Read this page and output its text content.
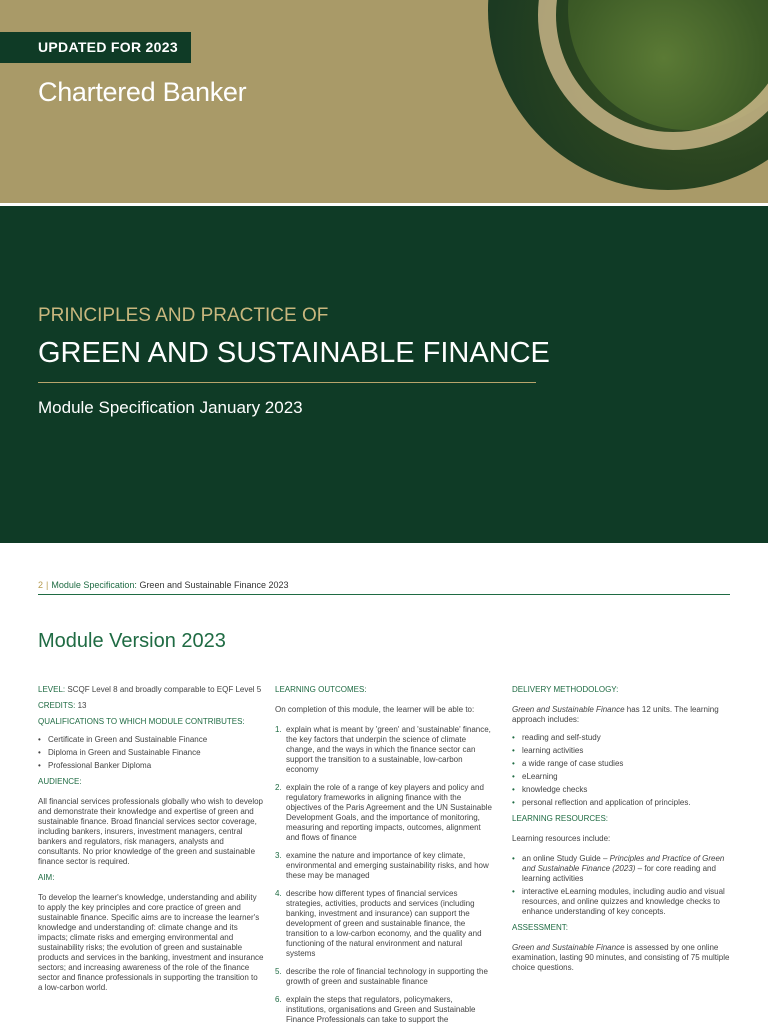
UPDATED FOR 2023
Chartered Banker
PRINCIPLES AND PRACTICE OF
GREEN AND SUSTAINABLE FINANCE
Module Specification January 2023
2 | Module Specification: Green and Sustainable Finance 2023
Module Version 2023

LEVEL: SCQF Level 8 and broadly comparable to EQF Level 5

CREDITS: 13

QUALIFICATIONS TO WHICH MODULE CONTRIBUTES:

• Certificate in Green and Sustainable Finance
• Diploma in Green and Sustainable Finance
• Professional Banker Diploma

AUDIENCE:

All financial services professionals globally who wish to develop and demonstrate their knowledge and expertise of green and sustainable finance. Broad financial services sector coverage, including bankers, insurers, investment managers, central bankers and regulators, risk managers, analysts and consultants. No prior knowledge of the green and sustainable finance sector is required.

AIM:

To develop the learner's knowledge, understanding and ability to apply the key principles and core practice of green and sustainable finance. Specific aims are to increase the learner's knowledge and understanding of: climate change and its impacts; climate risks and emerging environmental and sustainability risks; the evolution of green and sustainable products and services in the banking, investment and insurance sectors; and increasing awareness of the role of the finance sector and finance professionals in supporting the transition to a low-carbon world.

LEARNING OUTCOMES:

On completion of this module, the learner will be able to:

1. explain what is meant by 'green' and 'sustainable' finance, the key factors that underpin the science of climate change, and the ways in which the finance sector can support the transition to a sustainable, low-carbon economy
2. explain the role of a range of key players and policy and regulatory frameworks in aligning finance with the objectives of the Paris Agreement and the UN Sustainable Development Goals, and the importance of monitoring, measuring and reporting impacts, outcomes, alignment and flows of finance
3. examine the nature and importance of key climate, environmental and emerging sustainability risks, and how these may be managed
4. describe how different types of financial services strategies, activities, products and services (including banking, investment and insurance) can support the development of green and sustainable finance, the transition to a low-carbon economy, and the quality and functioning of the natural environment and natural systems
5. describe the role of financial technology in supporting the growth of green and sustainable finance
6. explain the steps that regulators, policymakers, institutions, organisations and Green and Sustainable Finance Professionals can take to support the

DELIVERY METHODOLOGY:

Green and Sustainable Finance has 12 units. The learning approach includes:

• reading and self-study
• learning activities
• a wide range of case studies
• eLearning
• knowledge checks
• personal reflection and application of principles.

LEARNING RESOURCES:

Learning resources include:

• an online Study Guide – Principles and Practice of Green and Sustainable Finance (2023) – for core reading and learning activities
• interactive eLearning modules, including audio and visual resources, and online quizzes and knowledge checks to enhance understanding of key concepts.

ASSESSMENT:

Green and Sustainable Finance is assessed by one online examination, lasting 90 minutes, and consisting of 75 multiple choice questions.
